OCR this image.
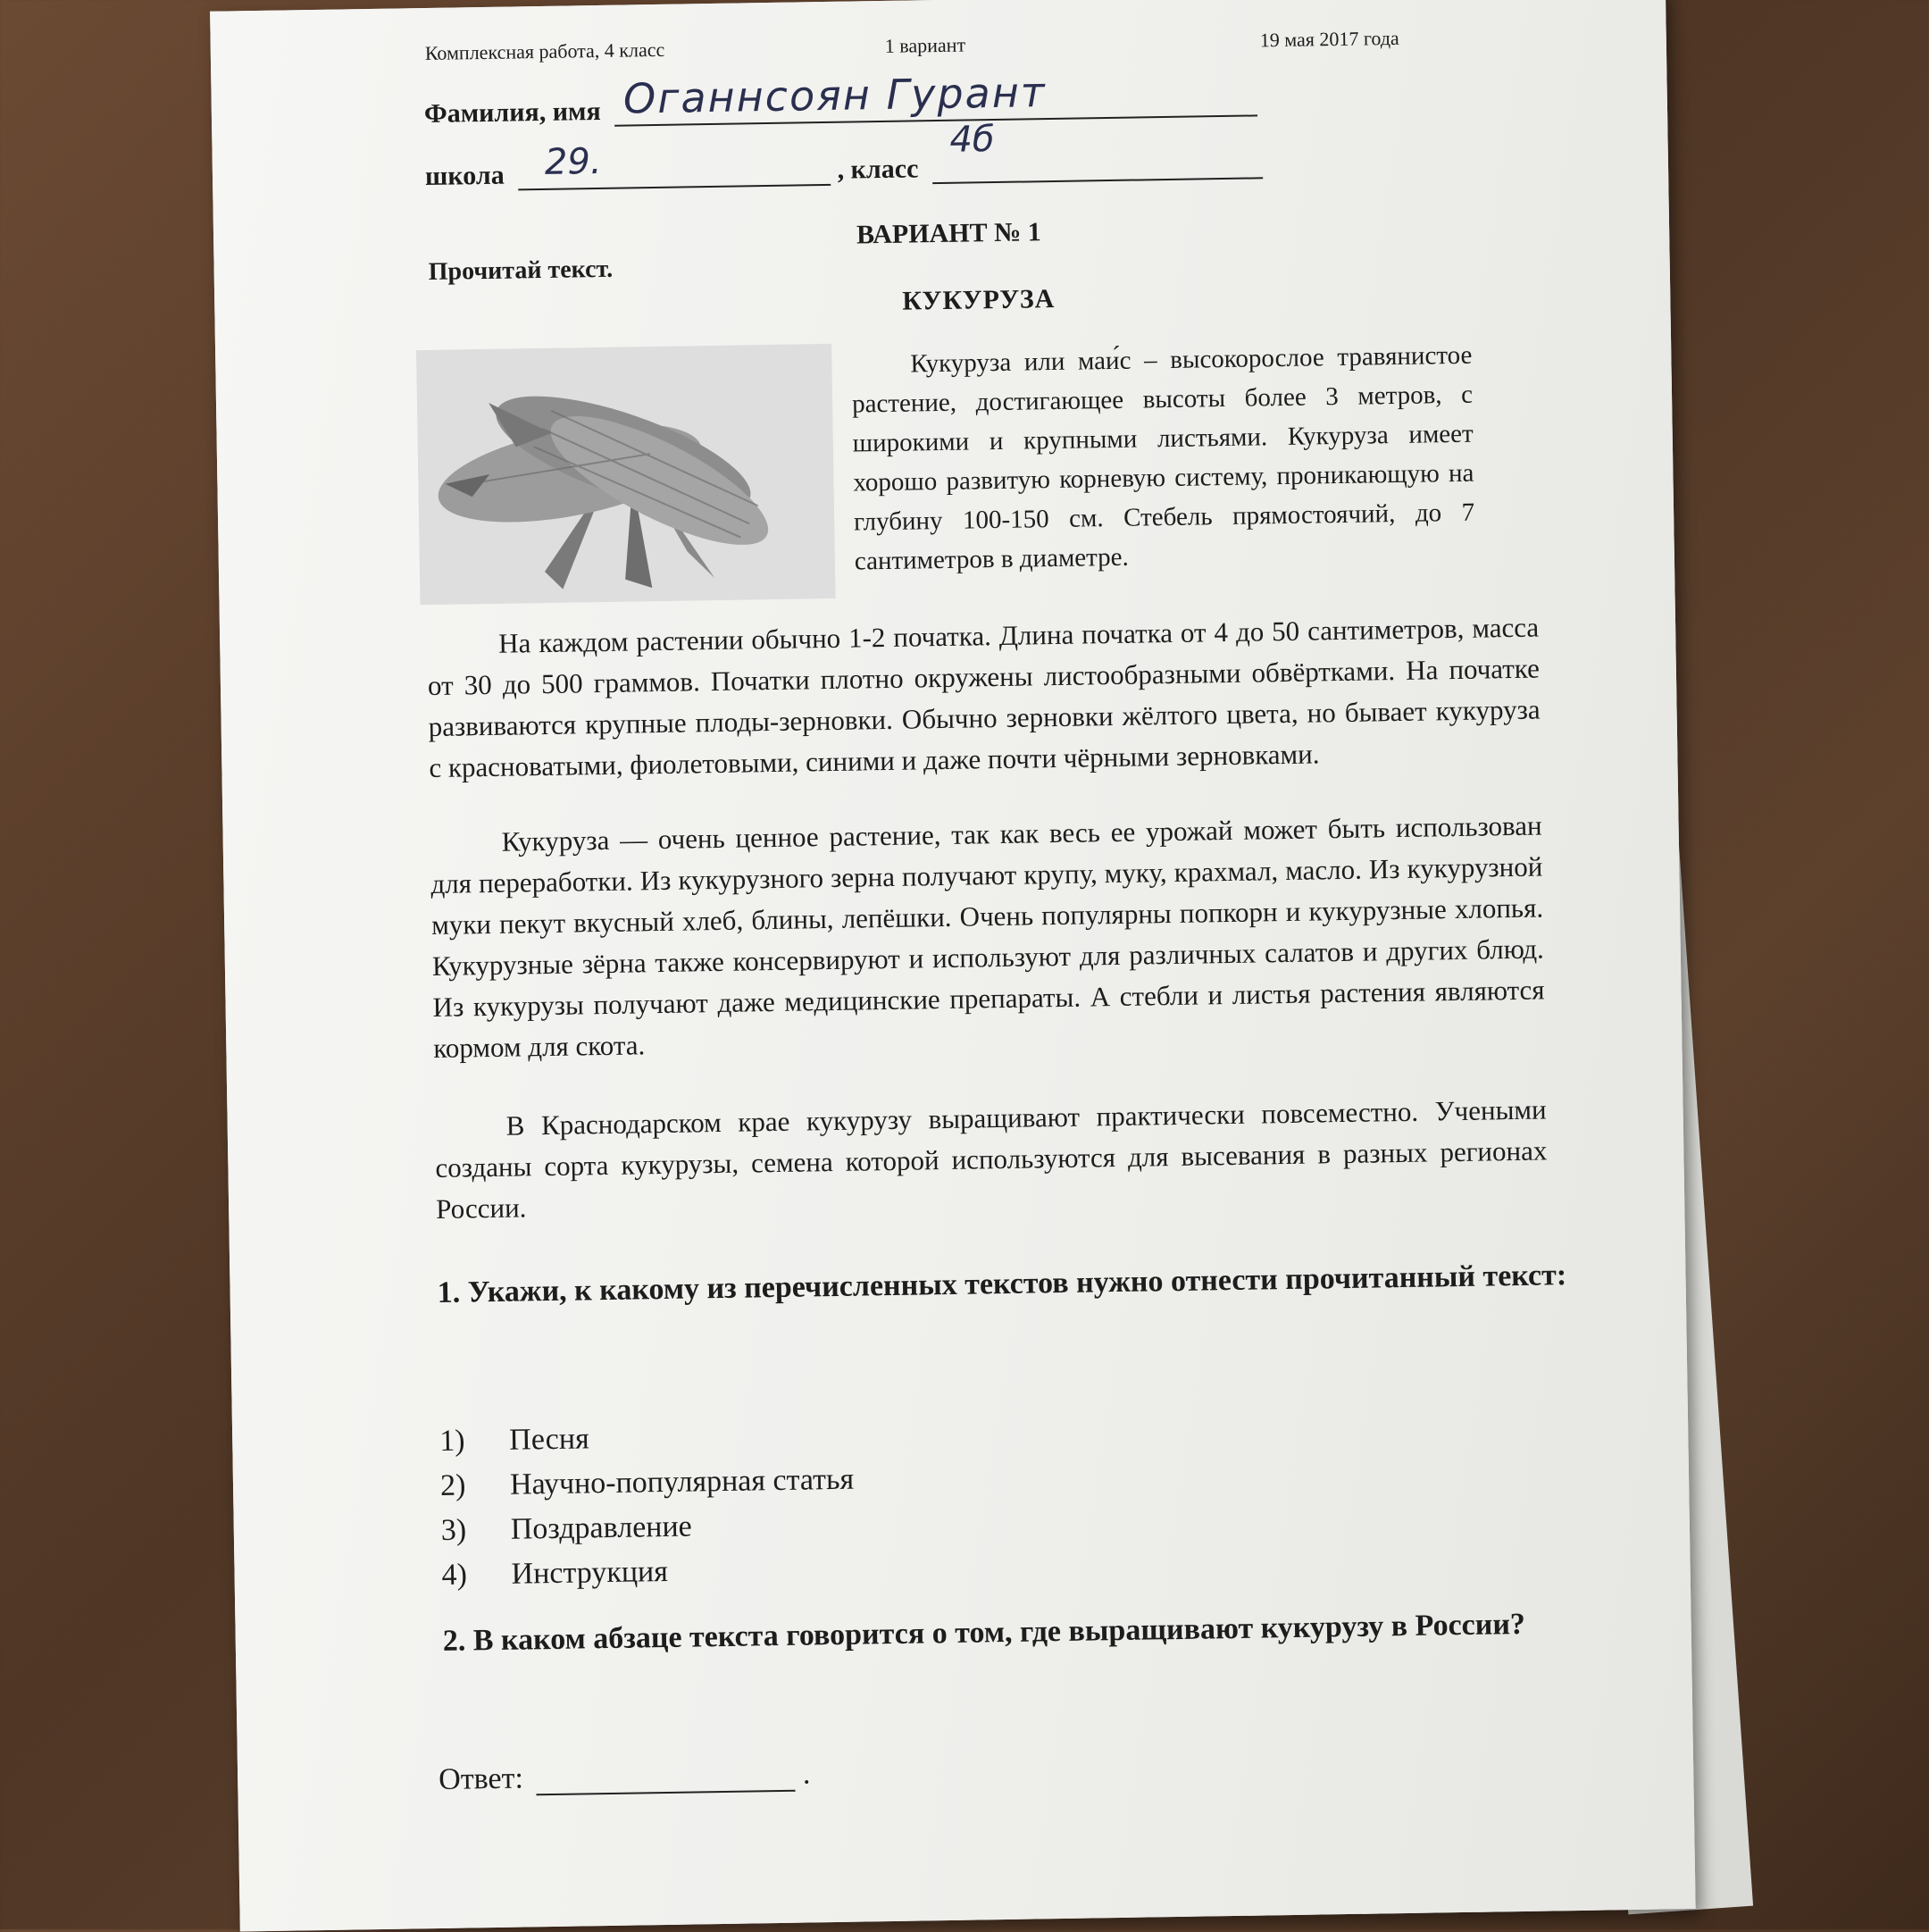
Комплексная работа, 4 класс	1 вариант	19 мая 2017 года
Фамилия, имя Оганнсоян Гурант
школа 29.	, класс
4б
ВАРИАНТ № 1
Прочитай текст.
КУКУРУЗА
Кукуруза или маи́с – высокорослое травянистое растение, достигающее высоты более 3 метров, с широкими и крупными листьями. Кукуруза имеет хорошо развитую корневую систему, проникающую на глубину 100-150 см. Стебель прямостоячий, до 7 сантиметров в диаметре.
На каждом растении обычно 1-2 початка. Длина початка от 4 до 50 сантиметров, масса от 30 до 500 граммов. Початки плотно окружены листообразными обвёртками. На початке развиваются крупные плоды-зерновки. Обычно зерновки жёлтого цвета, но бывает кукуруза с красноватыми, фиолетовыми, синими и даже почти чёрными зерновками.
Кукуруза — очень ценное растение, так как весь ее урожай может быть использован для переработки. Из кукурузного зерна получают крупу, муку, крахмал, масло. Из кукурузной муки пекут вкусный хлеб, блины, лепёшки. Очень популярны попкорн и кукурузные хлопья. Кукурузные зёрна также консервируют и используют для различных салатов и других блюд. Из кукурузы получают даже медицинские препараты. А стебли и листья растения являются кормом для скота.
В Краснодарском крае кукурузу выращивают практически повсеместно. Учеными созданы сорта кукурузы, семена которой используются для высевания в разных регионах России.
1. Укажи, к какому из перечисленных текстов нужно отнести прочитанный текст:
1) Песня
2) Научно-популярная статья
3) Поздравление
4) Инструкция
2. В каком абзаце текста говорится о том, где выращивают кукурузу в России?
Ответ:	.
